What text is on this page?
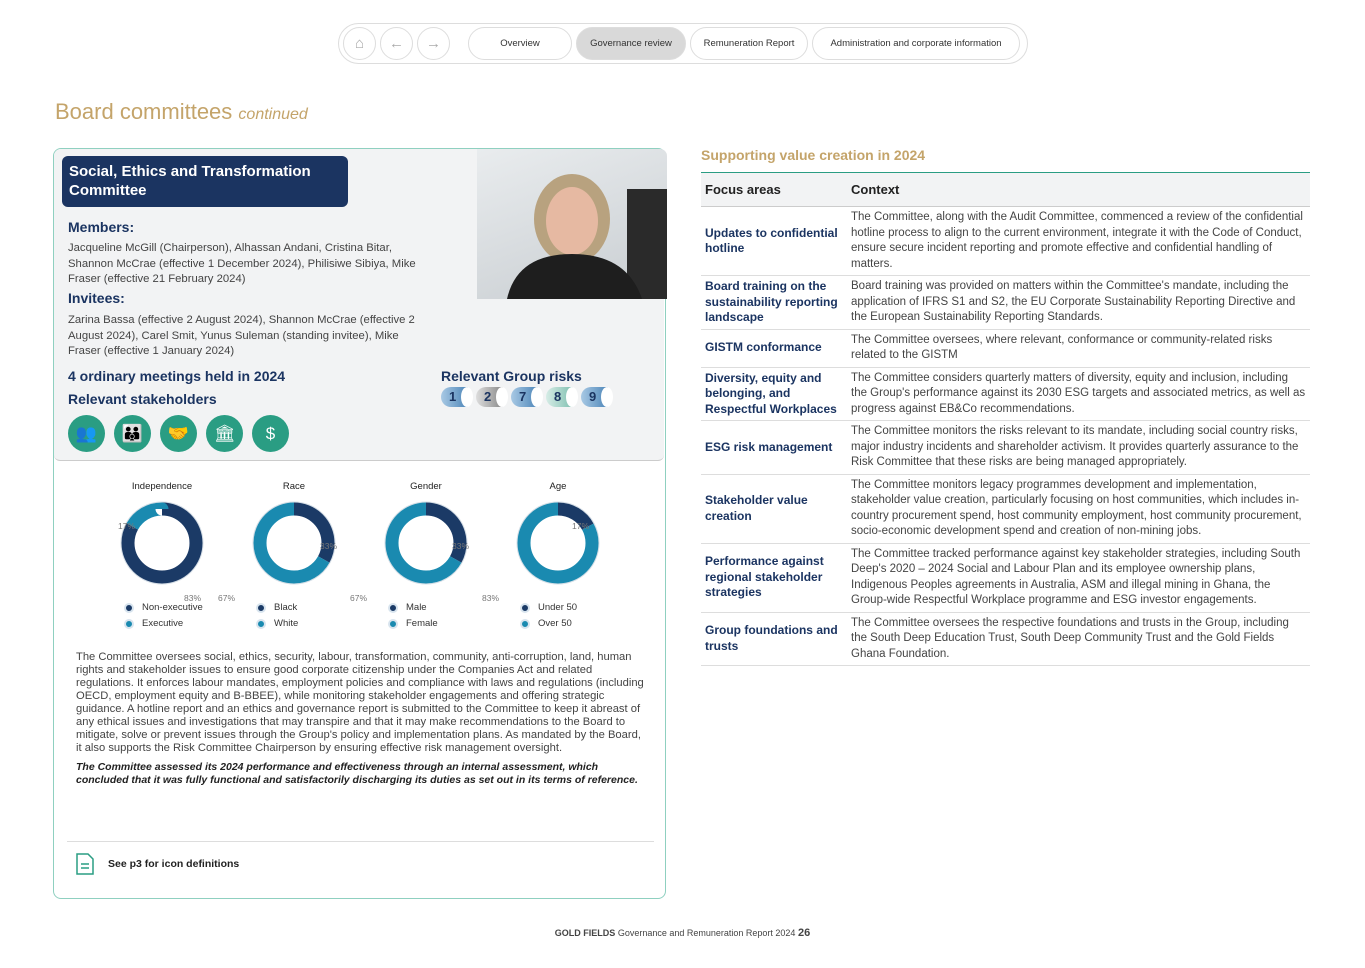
⌂ ← →	Overview	Governance review	Remuneration Report	Administration and corporate information
Board committees continued
Social, Ethics and Transformation Committee
Members:
Jacqueline McGill (Chairperson), Alhassan Andani, Cristina Bitar, Shannon McCrae (effective 1 December 2024), Philisiwe Sibiya, Mike Fraser (effective 21 February 2024)
Invitees:
Zarina Bassa (effective 2 August 2024), Shannon McCrae (effective 2 August 2024), Carel Smit, Yunus Suleman (standing invitee), Mike Fraser (effective 1 January 2024)
4 ordinary meetings held in 2024
Relevant stakeholders
Relevant Group risks
1	2	7	8	9
👥	👪	🤝	🏛	$
Independence
83%
17%
Non-executive
Executive
Race
33%
67%
Black
White
Gender
33%
67%
Male
Female
Age
17%
83%
Under 50
Over 50

The Committee oversees social, ethics, security, labour, transformation, community, anti-corruption, land, human rights and stakeholder issues to ensure good corporate citizenship under the Companies Act and related regulations. It enforces labour mandates, employment policies and compliance with laws and regulations (including OECD, employment equity and B-BBEE), while monitoring stakeholder engagements and offering strategic guidance. A hotline report and an ethics and governance report is submitted to the Committee to keep it abreast of any ethical issues and investigations that may transpire and that it may make recommendations to the Board to mitigate, solve or prevent issues through the Group's policy and implementation plans. As mandated by the Board, it also supports the Risk Committee Chairperson by ensuring effective risk management oversight.

The Committee assessed its 2024 performance and effectiveness through an internal assessment, which concluded that it was fully functional and satisfactorily discharging its duties as set out in its terms of reference.

See p3 for icon definitions
Supporting value creation in 2024
Focus areas	Context
Updates to confidential hotline	The Committee, along with the Audit Committee, commenced a review of the confidential hotline process to align to the current environment, integrate it with the Code of Conduct, ensure secure incident reporting and promote effective and confidential handling of matters.
Board training on the sustainability reporting landscape	Board training was provided on matters within the Committee's mandate, including the application of IFRS S1 and S2, the EU Corporate Sustainability Reporting Directive and the European Sustainability Reporting Standards.
GISTM conformance	The Committee oversees, where relevant, conformance or community-related risks related to the GISTM
Diversity, equity and belonging, and Respectful Workplaces	The Committee considers quarterly matters of diversity, equity and inclusion, including the Group's performance against its 2030 ESG targets and associated metrics, as well as progress against EB&Co recommendations.
ESG risk management	The Committee monitors the risks relevant to its mandate, including social country risks, major industry incidents and shareholder activism. It provides quarterly assurance to the Risk Committee that these risks are being managed appropriately.
Stakeholder value creation	The Committee monitors legacy programmes development and implementation, stakeholder value creation, particularly focusing on host communities, which includes in-country procurement spend, host community employment, host community procurement, socio-economic development spend and creation of non-mining jobs.
Performance against regional stakeholder strategies	The Committee tracked performance against key stakeholder strategies, including South Deep's 2020 – 2024 Social and Labour Plan and its employee ownership plans, Indigenous Peoples agreements in Australia, ASM and illegal mining in Ghana, the Group-wide Respectful Workplace programme and ESG investor engagements.
Group foundations and trusts	The Committee oversees the respective foundations and trusts in the Group, including the South Deep Education Trust, South Deep Community Trust and the Gold Fields Ghana Foundation.
GOLD FIELDS Governance and Remuneration Report 2024 26
